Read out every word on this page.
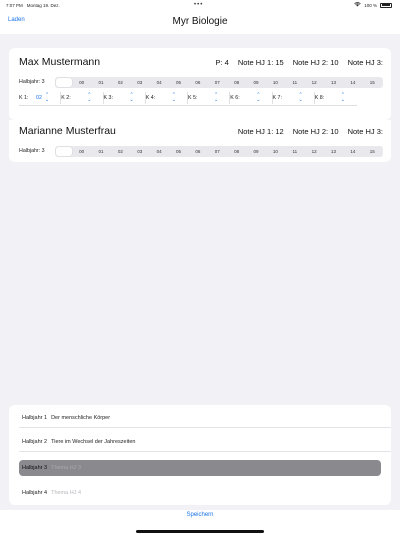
7:07 PM Montag 19. Dez.	•••	100 %
Laden	Myr Biologie
Max Mustermann	P: 4 Note HJ 1: 15 Note HJ 2: 10 Note HJ 3:
Halbjahr: 3	00	01	02	03	04	05	06	07	08	09	10	11	12	13	14	15
K 1:	02 ⌃
⌄ K 2:	⌃
⌄ K 3:	⌃
⌄ K 4:	⌃
⌄ K 5:	⌃
⌄ K 6:	⌃
⌄ K 7:	⌃
⌄ K 8:	⌃
⌄
Marianne Musterfrau	Note HJ 1: 12 Note HJ 2: 10 Note HJ 3:
Halbjahr: 3	00	01	02	03	04	05	06	07	08	09	10	11	12	13	14	15
Halbjahr 1 Der menschliche Körper
Halbjahr 2 Tiere im Wechsel der Jahreszeiten
Halbjahr 3 Thema HJ 3
Halbjahr 4 Thema HJ 4
Speichern
